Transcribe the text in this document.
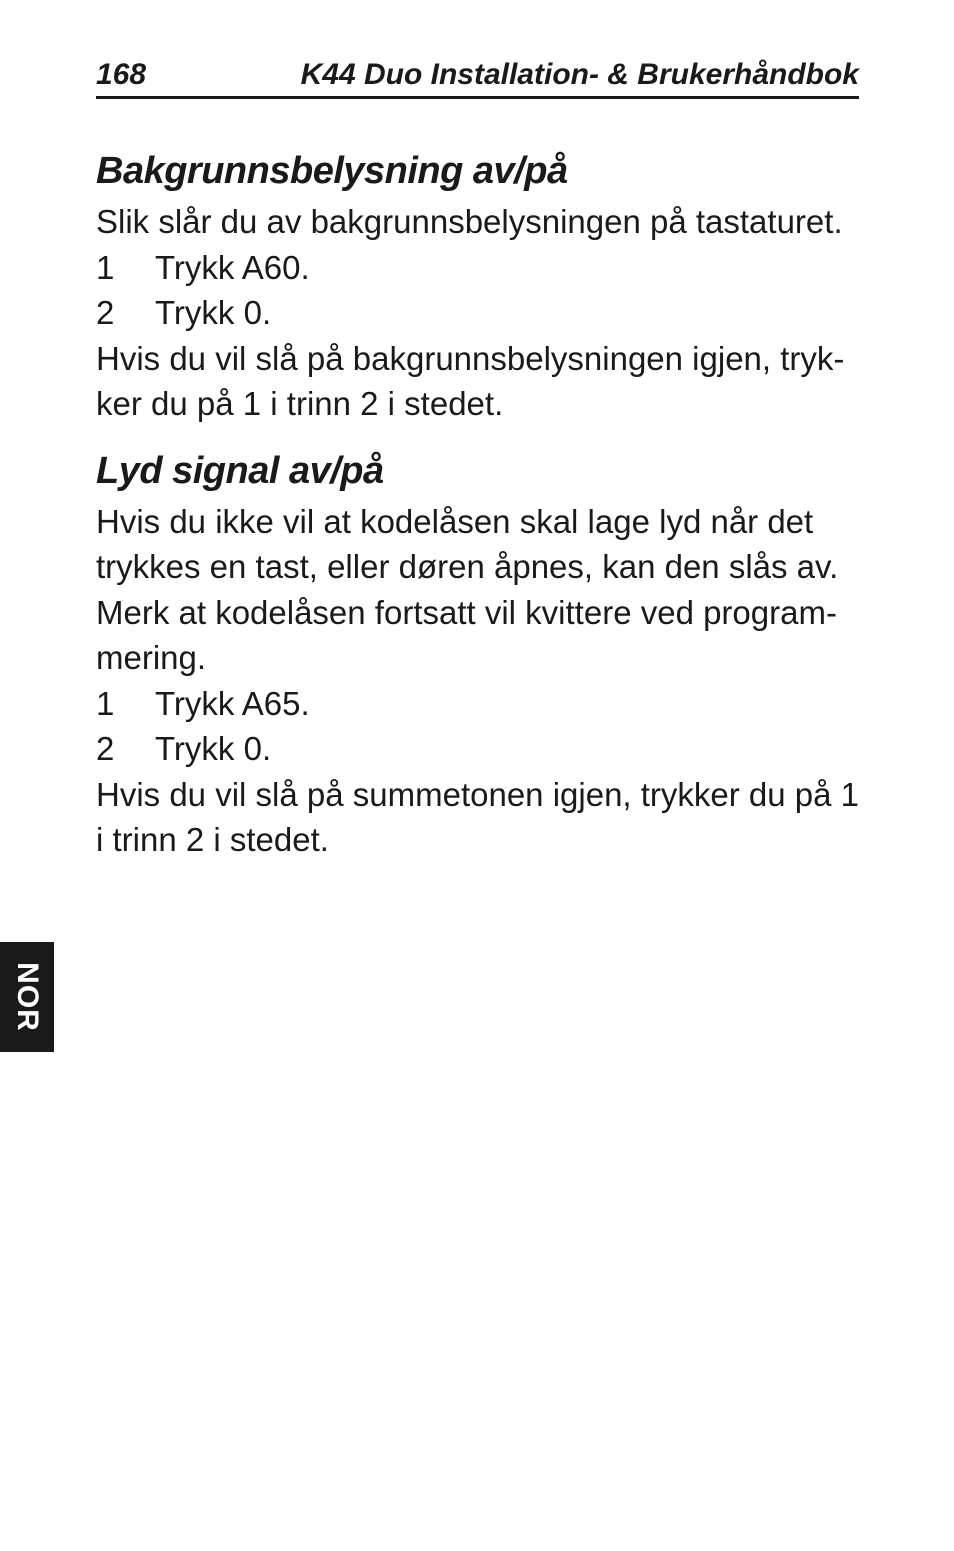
168	K44 Duo Installation- & Brukerhåndbok
Bakgrunnsbelysning av/på

Slik slår du av bakgrunnsbelysningen på tastaturet.

1	Trykk A60.
2	Trykk 0.

Hvis du vil slå på bakgrunnsbelysningen igjen, tryk-

ker du på 1 i trinn 2 i stedet.

Lyd signal av/på

Hvis du ikke vil at kodelåsen skal lage lyd når det

trykkes en tast, eller døren åpnes, kan den slås av.

Merk at kodelåsen fortsatt vil kvittere ved program-

mering.

1	Trykk A65.
2	Trykk 0.

Hvis du vil slå på summetonen igjen, trykker du på 1

i trinn 2 i stedet.

NOR
